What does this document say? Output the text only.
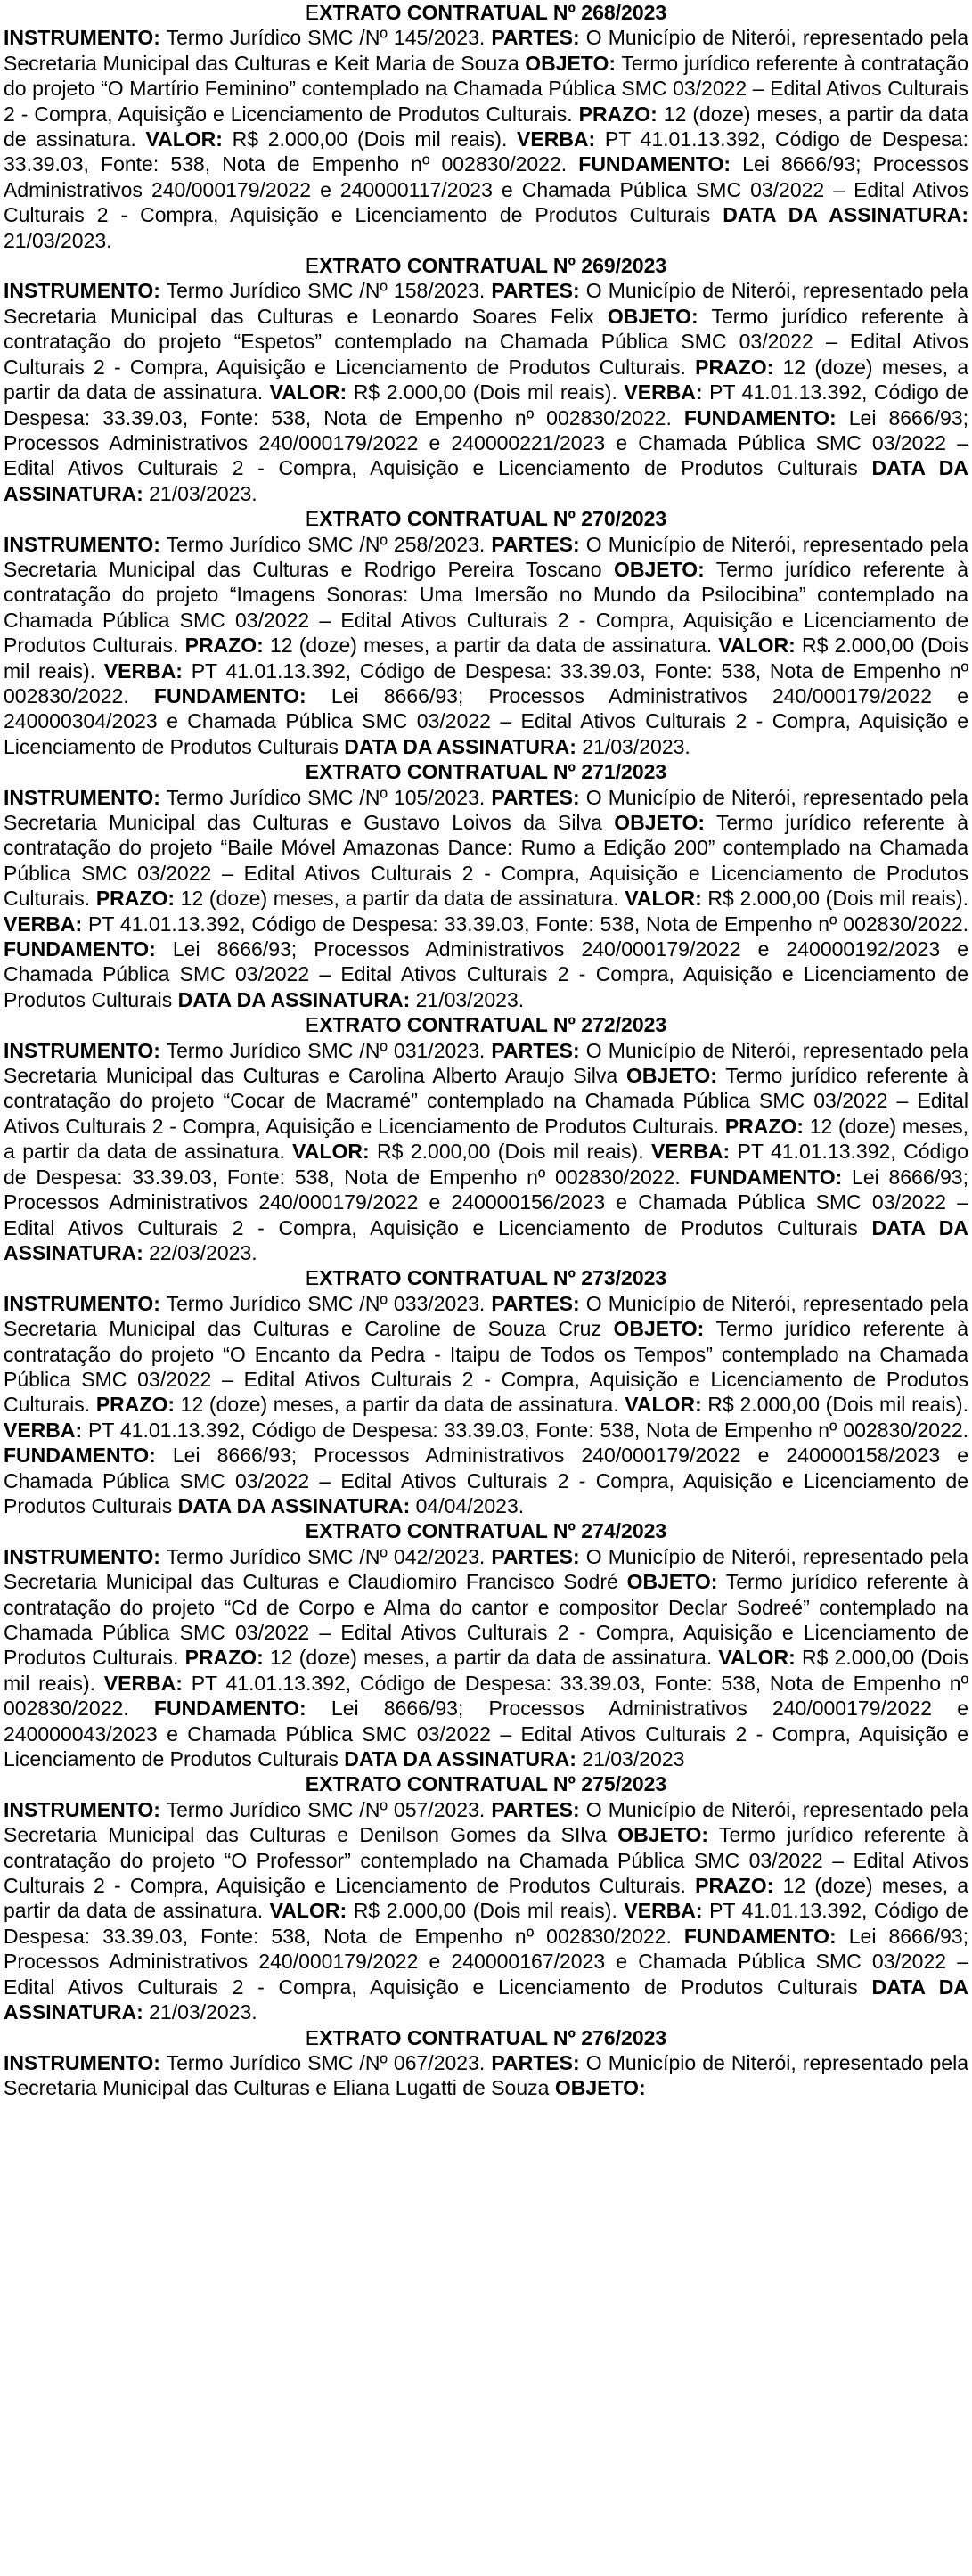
EXTRATO CONTRATUAL Nº 268/2023
INSTRUMENTO: Termo Jurídico SMC /Nº 145/2023. PARTES: O Município de Niterói, representado pela Secretaria Municipal das Culturas e Keit Maria de Souza OBJETO: Termo jurídico referente à contratação do projeto “O Martírio Feminino” contemplado na Chamada Pública SMC 03/2022 – Edital Ativos Culturais 2 - Compra, Aquisição e Licenciamento de Produtos Culturais. PRAZO: 12 (doze) meses, a partir da data de assinatura. VALOR: R$ 2.000,00 (Dois mil reais). VERBA: PT 41.01.13.392, Código de Despesa: 33.39.03, Fonte: 538, Nota de Empenho nº 002830/2022. FUNDAMENTO: Lei 8666/93; Processos Administrativos 240/000179/2022 e 240000117/2023 e Chamada Pública SMC 03/2022 – Edital Ativos Culturais 2 - Compra, Aquisição e Licenciamento de Produtos Culturais DATA DA ASSINATURA: 21/03/2023.
EXTRATO CONTRATUAL Nº 269/2023
INSTRUMENTO: Termo Jurídico SMC /Nº 158/2023. PARTES: O Município de Niterói, representado pela Secretaria Municipal das Culturas e Leonardo Soares Felix OBJETO: Termo jurídico referente à contratação do projeto “Espetos” contemplado na Chamada Pública SMC 03/2022 – Edital Ativos Culturais 2 - Compra, Aquisição e Licenciamento de Produtos Culturais. PRAZO: 12 (doze) meses, a partir da data de assinatura. VALOR: R$ 2.000,00 (Dois mil reais). VERBA: PT 41.01.13.392, Código de Despesa: 33.39.03, Fonte: 538, Nota de Empenho nº 002830/2022. FUNDAMENTO: Lei 8666/93; Processos Administrativos 240/000179/2022 e 240000221/2023 e Chamada Pública SMC 03/2022 – Edital Ativos Culturais 2 - Compra, Aquisição e Licenciamento de Produtos Culturais DATA DA ASSINATURA: 21/03/2023.
EXTRATO CONTRATUAL Nº 270/2023
INSTRUMENTO: Termo Jurídico SMC /Nº 258/2023. PARTES: O Município de Niterói, representado pela Secretaria Municipal das Culturas e Rodrigo Pereira Toscano OBJETO: Termo jurídico referente à contratação do projeto “Imagens Sonoras: Uma Imersão no Mundo da Psilocibina” contemplado na Chamada Pública SMC 03/2022 – Edital Ativos Culturais 2 - Compra, Aquisição e Licenciamento de Produtos Culturais. PRAZO: 12 (doze) meses, a partir da data de assinatura. VALOR: R$ 2.000,00 (Dois mil reais). VERBA: PT 41.01.13.392, Código de Despesa: 33.39.03, Fonte: 538, Nota de Empenho nº 002830/2022. FUNDAMENTO: Lei 8666/93; Processos Administrativos 240/000179/2022 e 240000304/2023 e Chamada Pública SMC 03/2022 – Edital Ativos Culturais 2 - Compra, Aquisição e Licenciamento de Produtos Culturais DATA DA ASSINATURA: 21/03/2023.
EXTRATO CONTRATUAL Nº 271/2023
INSTRUMENTO: Termo Jurídico SMC /Nº 105/2023. PARTES: O Município de Niterói, representado pela Secretaria Municipal das Culturas e Gustavo Loivos da Silva OBJETO: Termo jurídico referente à contratação do projeto “Baile Móvel Amazonas Dance: Rumo a Edição 200” contemplado na Chamada Pública SMC 03/2022 – Edital Ativos Culturais 2 - Compra, Aquisição e Licenciamento de Produtos Culturais. PRAZO: 12 (doze) meses, a partir da data de assinatura. VALOR: R$ 2.000,00 (Dois mil reais). VERBA: PT 41.01.13.392, Código de Despesa: 33.39.03, Fonte: 538, Nota de Empenho nº 002830/2022. FUNDAMENTO: Lei 8666/93; Processos Administrativos 240/000179/2022 e 240000192/2023 e Chamada Pública SMC 03/2022 – Edital Ativos Culturais 2 - Compra, Aquisição e Licenciamento de Produtos Culturais DATA DA ASSINATURA: 21/03/2023.
EXTRATO CONTRATUAL Nº 272/2023
INSTRUMENTO: Termo Jurídico SMC /Nº 031/2023. PARTES: O Município de Niterói, representado pela Secretaria Municipal das Culturas e Carolina Alberto Araujo Silva OBJETO: Termo jurídico referente à contratação do projeto “Cocar de Macramé” contemplado na Chamada Pública SMC 03/2022 – Edital Ativos Culturais 2 - Compra, Aquisição e Licenciamento de Produtos Culturais. PRAZO: 12 (doze) meses, a partir da data de assinatura. VALOR: R$ 2.000,00 (Dois mil reais). VERBA: PT 41.01.13.392, Código de Despesa: 33.39.03, Fonte: 538, Nota de Empenho nº 002830/2022. FUNDAMENTO: Lei 8666/93; Processos Administrativos 240/000179/2022 e 240000156/2023 e Chamada Pública SMC 03/2022 – Edital Ativos Culturais 2 - Compra, Aquisição e Licenciamento de Produtos Culturais DATA DA ASSINATURA: 22/03/2023.
EXTRATO CONTRATUAL Nº 273/2023
INSTRUMENTO: Termo Jurídico SMC /Nº 033/2023. PARTES: O Município de Niterói, representado pela Secretaria Municipal das Culturas e Caroline de Souza Cruz OBJETO: Termo jurídico referente à contratação do projeto “O Encanto da Pedra - Itaipu de Todos os Tempos” contemplado na Chamada Pública SMC 03/2022 – Edital Ativos Culturais 2 - Compra, Aquisição e Licenciamento de Produtos Culturais. PRAZO: 12 (doze) meses, a partir da data de assinatura. VALOR: R$ 2.000,00 (Dois mil reais). VERBA: PT 41.01.13.392, Código de Despesa: 33.39.03, Fonte: 538, Nota de Empenho nº 002830/2022. FUNDAMENTO: Lei 8666/93; Processos Administrativos 240/000179/2022 e 240000158/2023 e Chamada Pública SMC 03/2022 – Edital Ativos Culturais 2 - Compra, Aquisição e Licenciamento de Produtos Culturais DATA DA ASSINATURA: 04/04/2023.
EXTRATO CONTRATUAL Nº 274/2023
INSTRUMENTO: Termo Jurídico SMC /Nº 042/2023. PARTES: O Município de Niterói, representado pela Secretaria Municipal das Culturas e Claudiomiro Francisco Sodré OBJETO: Termo jurídico referente à contratação do projeto “Cd de Corpo e Alma do cantor e compositor Declar Sodreé” contemplado na Chamada Pública SMC 03/2022 – Edital Ativos Culturais 2 - Compra, Aquisição e Licenciamento de Produtos Culturais. PRAZO: 12 (doze) meses, a partir da data de assinatura. VALOR: R$ 2.000,00 (Dois mil reais). VERBA: PT 41.01.13.392, Código de Despesa: 33.39.03, Fonte: 538, Nota de Empenho nº 002830/2022. FUNDAMENTO: Lei 8666/93; Processos Administrativos 240/000179/2022 e 240000043/2023 e Chamada Pública SMC 03/2022 – Edital Ativos Culturais 2 - Compra, Aquisição e Licenciamento de Produtos Culturais DATA DA ASSINATURA: 21/03/2023
EXTRATO CONTRATUAL Nº 275/2023
INSTRUMENTO: Termo Jurídico SMC /Nº 057/2023. PARTES: O Município de Niterói, representado pela Secretaria Municipal das Culturas e Denilson Gomes da SIlva OBJETO: Termo jurídico referente à contratação do projeto “O Professor” contemplado na Chamada Pública SMC 03/2022 – Edital Ativos Culturais 2 - Compra, Aquisição e Licenciamento de Produtos Culturais. PRAZO: 12 (doze) meses, a partir da data de assinatura. VALOR: R$ 2.000,00 (Dois mil reais). VERBA: PT 41.01.13.392, Código de Despesa: 33.39.03, Fonte: 538, Nota de Empenho nº 002830/2022. FUNDAMENTO: Lei 8666/93; Processos Administrativos 240/000179/2022 e 240000167/2023 e Chamada Pública SMC 03/2022 – Edital Ativos Culturais 2 - Compra, Aquisição e Licenciamento de Produtos Culturais DATA DA ASSINATURA: 21/03/2023.
EXTRATO CONTRATUAL Nº 276/2023
INSTRUMENTO: Termo Jurídico SMC /Nº 067/2023. PARTES: O Município de Niterói, representado pela Secretaria Municipal das Culturas e Eliana Lugatti de Souza OBJETO:
